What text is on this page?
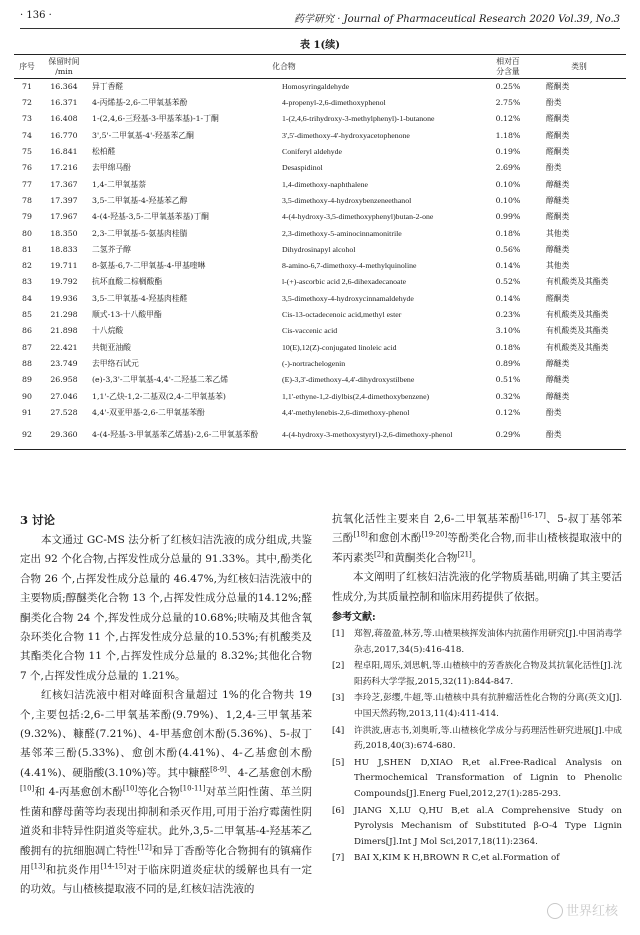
· 136 ·	药学研究 · Journal of Pharmaceutical Research 2020 Vol.39, No.3
表 1(续)
序号	保留时间
/min	化合物		相对百
分含量	类别
71	16.364	异丁香醛	Homosyringaldehyde	0.25%	醛酮类
72	16.371	4-丙烯基-2,6-二甲氧基苯酚	4-propenyl-2,6-dimethoxyphenol	2.75%	酚类
73	16.408	1-(2,4,6-三羟基-3-甲基苯基)-1-丁酮	1-(2,4,6-trihydroxy-3-methylphenyl)-1-butanone	0.12%	醛酮类
74	16.770	3',5'-二甲氧基-4'-羟基苯乙酮	3',5'-dimethoxy-4'-hydroxyacetophenone	1.18%	醛酮类
75	16.841	松柏醛	Coniferyl aldehyde	0.19%	醛酮类
76	17.216	去甲绵马酚	Desaspidinol	2.69%	酚类
77	17.367	1,4-二甲氧基萘	1,4-dimethoxy-naphthalene	0.10%	醇醚类
78	17.397	3,5-二甲氧基-4-羟基苯乙醇	3,5-dimethoxy-4-hydroxybenzeneethanol	0.10%	醇醚类
79	17.967	4-(4-羟基-3,5-二甲氧基苯基)丁酮	4-(4-hydroxy-3,5-dimethoxyphenyl)butan-2-one	0.99%	醛酮类
80	18.350	2,3-二甲氧基-5-氨基肉桂腈	2,3-dimethoxy-5-aminocinnamonitrile	0.18%	其他类
81	18.833	二氢芥子醇	Dihydrosinapyl alcohol	0.56%	醇醚类
82	19.711	8-氨基-6,7-二甲氧基-4-甲基喹啉	8-amino-6,7-dimethoxy-4-methylquinoline	0.14%	其他类
83	19.792	抗坏血酸二棕榈酸酯	l-(+)-ascorbic acid 2,6-dihexadecanoate	0.52%	有机酸类及其酯类
84	19.936	3,5-二甲氧基-4-羟基肉桂醛	3,5-dimethoxy-4-hydroxycinnamaldehyde	0.14%	醛酮类
85	21.298	顺式-13-十八酸甲酯	Cis-13-octadecenoic acid,methyl ester	0.23%	有机酸类及其酯类
86	21.898	十八烷酸	Cis-vaccenic acid	3.10%	有机酸类及其酯类
87	22.421	共轭亚油酸	10(E),12(Z)-conjugated linoleic acid	0.18%	有机酸类及其酯类
88	23.749	去甲络石试元	(-)-nortrachelogenin	0.89%	醇醚类
89	26.958	(e)-3,3'-二甲氧基-4,4'-二羟基二苯乙烯	(E)-3,3'-dimethoxy-4,4'-dihydroxystilbene	0.51%	醇醚类
90	27.046	1,1'-乙炔-1,2-二基双(2,4-二甲氧基苯)	1,1'-ethyne-1,2-diylbis(2,4-dimethoxybenzene)	0.32%	醇醚类
91	27.528	4,4'-双亚甲基-2,6-二甲氧基苯酚	4,4'-methylenebis-2,6-dimethoxy-phenol	0.12%	酚类
92	29.360	4-(4-羟基-3-甲氧基苯乙烯基)-2,6-二甲氧基苯酚	4-(4-hydroxy-3-methoxystyryl)-2,6-dimethoxy-phenol	0.29%	酚类
3 讨论

本文通过 GC-MS 法分析了红核妇洁洗液的成分组成,共鉴定出 92 个化合物,占挥发性成分总量的 91.33%。其中,酚类化合物 26 个,占挥发性成分总量的 46.47%,为红核妇洁洗液中的主要物质;醇醚类化合物 13 个,占挥发性成分总量的14.12%;醛酮类化合物 24 个,挥发性成分总量的10.68%;呋喃及其他含氧杂环类化合物 11 个,占挥发性成分总量的10.53%;有机酸类及其酯类化合物 11 个,占挥发性成分总量的 8.32%;其他化合物 7 个,占挥发性成分总量的 1.21%。

红核妇洁洗液中相对峰面积含量超过 1%的化合物共 19 个,主要包括:2,6-二甲氧基苯酚(9.79%)、1,2,4-三甲氧基苯(9.32%)、糠醛(7.21%)、4-甲基愈创木酚(5.36%)、5-叔丁基邻苯三酚(5.33%)、愈创木酚(4.41%)、4-乙基愈创木酚(4.41%)、硬脂酸(3.10%)等。其中糠醛[8-9]、4-乙基愈创木酚[10]和 4-丙基愈创木酚[10]等化合物[10-11]对革兰阳性菌、革兰阴性菌和酵母菌等均表现出抑制和杀灭作用,可用于治疗霉菌性阴道炎和非特异性阴道炎等症状。此外,3,5-二甲氧基-4-羟基苯乙酸拥有的抗细胞凋亡特性[12]和异丁香酚等化合物拥有的镇痛作用[13]和抗炎作用[14-15]对于临床阴道炎症状的缓解也具有一定的功效。与山楂核提取液不同的是,红核妇洁洗液的

抗氧化活性主要来自 2,6-二甲氧基苯酚[16-17]、5-叔丁基邻苯三酚[18]和愈创木酚[19-20]等酚类化合物,而非山楂核提取液中的苯丙素类[2]和黄酮类化合物[21]。

本文阐明了红核妇洁洗液的化学物质基础,明确了其主要活性成分,为其质量控制和临床用药提供了依据。

参考文献:
[1]	郑智,蒋盈盈,林芳,等.山楂果核挥发油体内抗菌作用研究[J].中国消毒学杂志,2017,34(5):416-418.
[2]	程卓阳,周乐,刘思帆,等.山楂核中的芳香族化合物及其抗氧化活性[J].沈阳药科大学学报,2015,32(11):844-847.
[3]	李玲芝,彭缨,牛超,等.山楂核中具有抗肿瘤活性化合物的分离(英文)[J].中国天然药物,2013,11(4):411-414.
[4]	许洪波,唐志书,刘奥昕,等.山楂核化学成分与药理活性研究进展[J].中成药,2018,40(3):674-680.
[5]	HU J,SHEN D,XIAO R,et al.Free-Radical Analysis on Thermochemical Transformation of Lignin to Phenolic Compounds[J].Energ Fuel,2012,27(1):285-293.
[6]	JIANG X,LU Q,HU B,et al.A Comprehensive Study on Pyrolysis Mechanism of Substituted β-O-4 Type Lignin Dimers[J].Int J Mol Sci,2017,18(11):2364.
[7]	BAI X,KIM K H,BROWN R C,et al.Formation of
世界红核
